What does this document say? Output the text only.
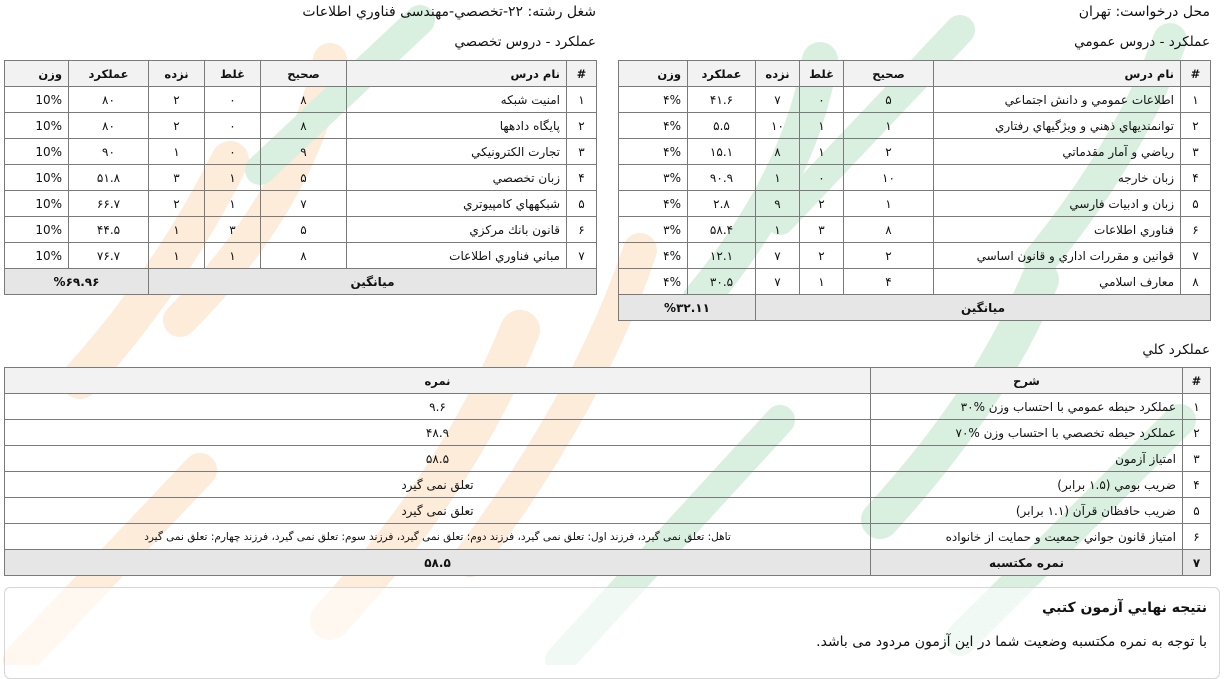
محل درخواست: تهران
شغل رشته: ۲۲-تخصصي-مهندسی فناوري اطلاعات
عملكرد - دروس عمومي
عملكرد - دروس تخصصي
#	نام درس	صحيح	غلط	نزده	عملكرد	وزن
۱	اطلاعات عمومي و دانش اجتماعي	۵	۰	۷	۴۱.۶	۴%
۲	توانمنديهاي ذهني و ويژگيهاي رفتاري	۱	۱	۱۰	۵.۵	۴%
۳	رياضي و آمار مقدماتي	۲	۱	۸	۱۵.۱	۴%
۴	زبان خارجه	۱۰	۰	۱	۹۰.۹	۳%
۵	زبان و ادبيات فارسي	۱	۲	۹	۲.۸	۴%
۶	فناوري اطلاعات	۸	۳	۱	۵۸.۴	۳%
۷	قوانين و مقررات اداري و قانون اساسي	۲	۲	۷	۱۲.۱	۴%
۸	معارف اسلامي	۴	۱	۷	۳۰.۵	۴%
ميانگين					%۳۲.۱۱	
#	نام درس	صحيح	غلط	نزده	عملكرد	وزن
۱	امنيت شبكه	۸	۰	۲	۸۰	10%
۲	پايگاه دادهها	۸	۰	۲	۸۰	10%
۳	تجارت الكترونيكي	۹	۰	۱	۹۰	10%
۴	زبان تخصصي	۵	۱	۳	۵۱.۸	10%
۵	شبكههاي كامپيوتري	۷	۱	۲	۶۶.۷	10%
۶	قانون بانك مركزي	۵	۳	۱	۴۴.۵	10%
۷	مباني فناوري اطلاعات	۸	۱	۱	۷۶.۷	10%
ميانگين					%۶۹.۹۶	
عملكرد كلي
#	شرح	نمره
۱	عملكرد حيطه عمومي با احتساب وزن %۳۰	۹.۶
۲	عملكرد حيطه تخصصي با احتساب وزن %۷۰	۴۸.۹
۳	امتياز آزمون	۵۸.۵
۴	ضريب بومي (۱.۵ برابر)	تعلق نمی گیرد
۵	ضريب حافظان قرآن (۱.۱ برابر)	تعلق نمی گیرد
۶	امتياز قانون جواني جمعيت و حمايت از خانواده	تاهل: تعلق نمی گیرد، فرزند اول: تعلق نمی گیرد، فرزند دوم: تعلق نمی گیرد، فرزند سوم: تعلق نمی گیرد، فرزند چهارم: تعلق نمی گیرد
۷	نمره مكتسبه	۵۸.۵
نتيجه نهايي آزمون كتبي
با توجه به نمره مكتسبه وضعيت شما در اين آزمون مردود می باشد.
